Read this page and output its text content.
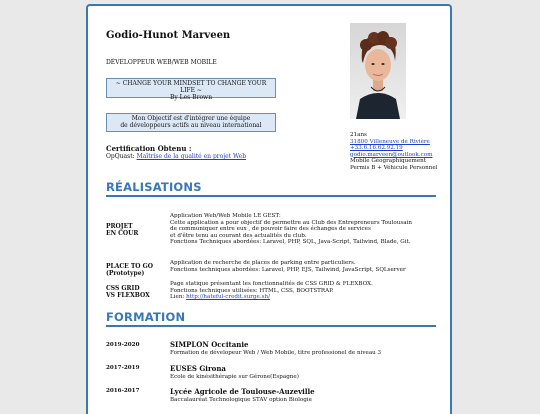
Godio-Hunot Marveen
DÉVELOPPEUR WEB/WEB MOBILE
~ CHANGE YOUR MINDSET TO CHANGE YOUR LIFE ~
By Les Brown
Mon Objectif est d'intégrer une équipe
de développeurs actifs au niveau international
Certification Obtenu :
OpQuast: Maîtrise de la qualité en projet Web
21ans
31800 Villeneuve de Rivière
+33.6.16.62.92.19
godio.marveen@outlook.com
Mobile Géographiquement
Permis B + Véhicule Personnel
RÉALISATIONS
PROJET
EN COUR
Application Web/Web Mobile LE GEST:
Cette application a pour objectif de permettre au Club des Entrepreneurs Toulousain
de communiquer entre eux , de pouvoir faire des échanges de services
et d'être tenu au courant des actualités du club.
Fonctions Techniques abordées: Laravel, PHP, SQL, Java-Script, Tailwind, Blade, Git.
PLACE TO GO
(Prototype)
Application de recherche de places de parking entre particuliers.
Fonctions techniques abordées: Laravel, PHP, EJS, Tailwind, JavaScript, SQLserver
CSS GRID
VS FLEXBOX
Page statique présentant les fonctionnalités de CSS GRID & FLEXBOX.
Fonctions techniques utilisées: HTML, CSS, BOOTSTRAP.
Lien: http://hateful-credit.surge.sh/
FORMATION
2019-2020	SIMPLON Occitanie
Formation de dévelopeur Web / Web Mobile, titre professionel de niveau 3
2017-2019	EUSES Girona
Ecole de kinésithérapie sur Gérone(Espagne)
2016-2017	Lycée Agricole de Toulouse-Auzeville
Baccalauréat Technologique STAV option Biologie
